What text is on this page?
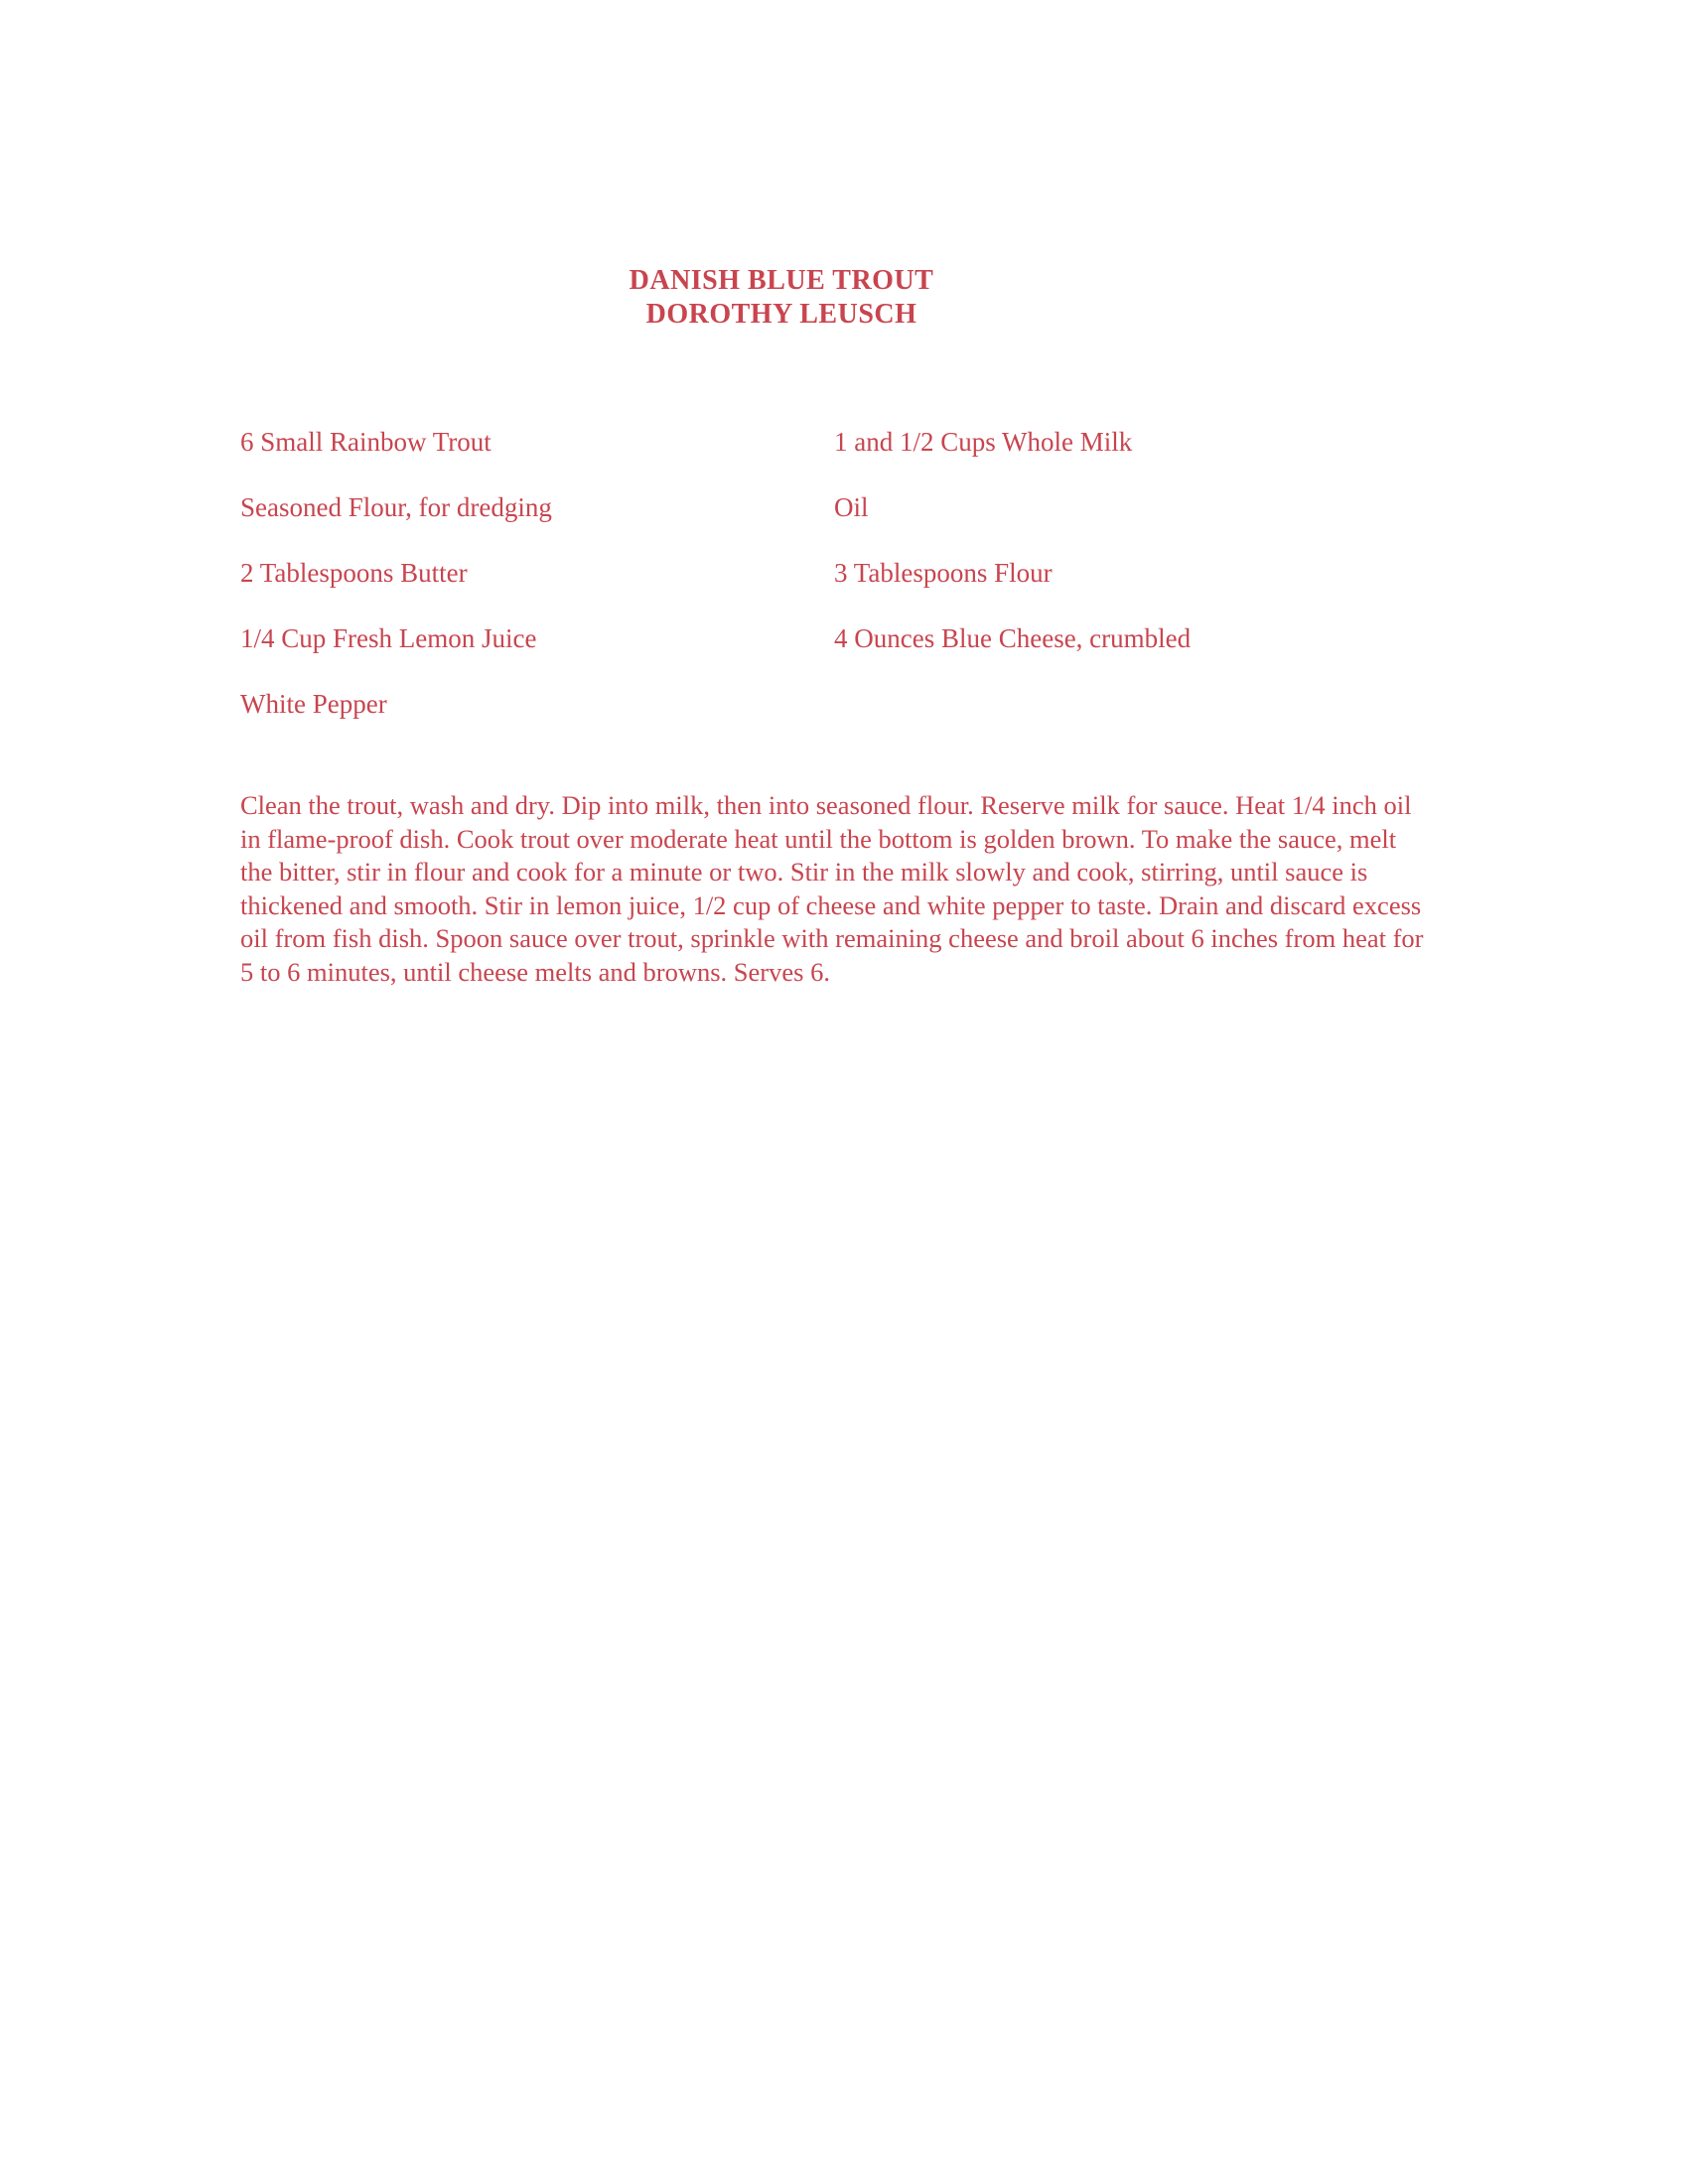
DANISH BLUE TROUT
DOROTHY LEUSCH
6 Small Rainbow Trout	1 and 1/2 Cups Whole Milk
Seasoned Flour, for dredging	Oil
2 Tablespoons Butter	3 Tablespoons Flour
1/4 Cup Fresh Lemon Juice	4 Ounces Blue Cheese, crumbled
White Pepper
Clean the trout, wash and dry. Dip into milk, then into seasoned flour. Reserve milk for sauce. Heat 1/4 inch oil in flame-proof dish. Cook trout over moderate heat until the bottom is golden brown. To make the sauce, melt the bitter, stir in flour and cook for a minute or two. Stir in the milk slowly and cook, stirring, until sauce is thickened and smooth. Stir in lemon juice, 1/2 cup of cheese and white pepper to taste. Drain and discard excess oil from fish dish. Spoon sauce over trout, sprinkle with remaining cheese and broil about 6 inches from heat for 5 to 6 minutes, until cheese melts and browns. Serves 6.
